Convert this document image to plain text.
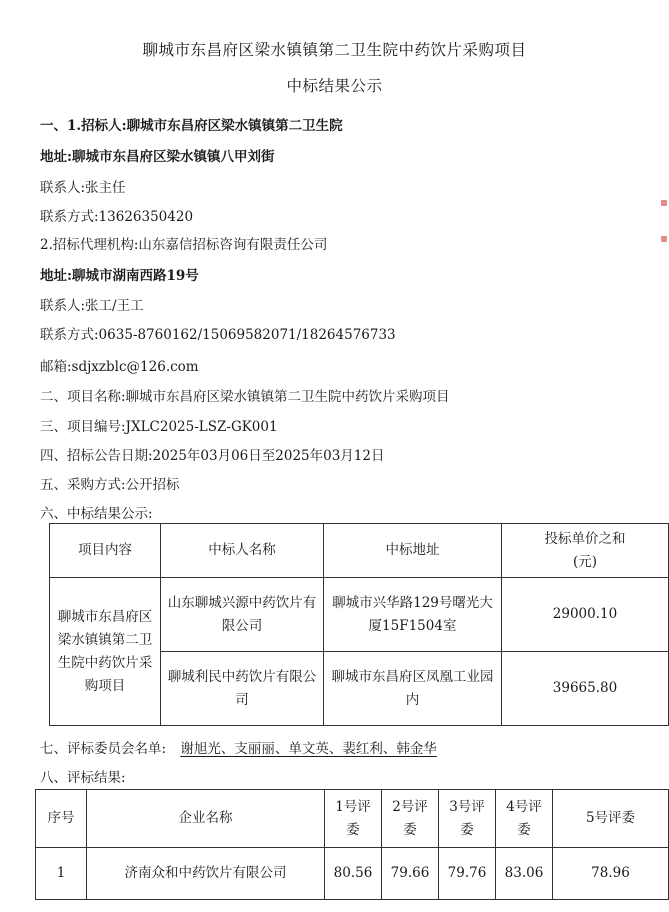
聊城市东昌府区梁水镇镇第二卫生院中药饮片采购项目
中标结果公示
一、1.招标人:聊城市东昌府区梁水镇镇第二卫生院
地址:聊城市东昌府区梁水镇镇八甲刘街
联系人:张主任
联系方式:13626350420
2.招标代理机构:山东嘉信招标咨询有限责任公司
地址:聊城市湖南西路19号
联系人:张工/王工
联系方式:0635-8760162/15069582071/18264576733
邮箱:sdjxzblc@126.com
二、项目名称:聊城市东昌府区梁水镇镇第二卫生院中药饮片采购项目
三、项目编号:JXLC2025-LSZ-GK001
四、招标公告日期:2025年03月06日至2025年03月12日
五、采购方式:公开招标
六、中标结果公示:
项目内容	中标人名称	中标地址	投标单价之和
(元)

聊城市东昌府区梁水镇镇第二卫生院中药饮片采购项目	山东聊城兴源中药饮片有限公司	聊城市兴华路129号曙光大厦15F1504室	29000.10
	聊城利民中药饮片有限公司	聊城市东昌府区凤凰工业园内	39665.80
七、评标委员会名单: 谢旭光、支丽丽、单文英、裴红利、韩金华
八、评标结果:
序号	企业名称	1号评委	2号评委	3号评委	4号评委	5号评委
1	济南众和中药饮片有限公司	80.56	79.66	79.76	83.06	78.96
